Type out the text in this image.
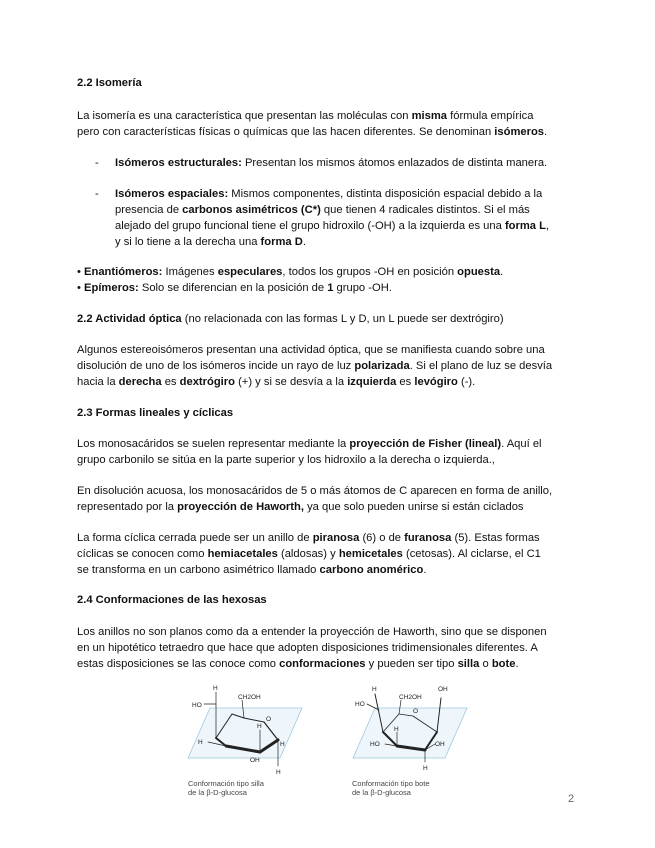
2.2 Isomería
La isomería es una característica que presentan las moléculas con misma fórmula empírica
pero con características físicas o químicas que las hacen diferentes. Se denominan isómeros.
- Isómeros estructurales: Presentan los mismos átomos enlazados de distinta manera.
- Isómeros espaciales: Mismos componentes, distinta disposición espacial debido a la
presencia de carbonos asimétricos (C*) que tienen 4 radicales distintos. Si el más
alejado del grupo funcional tiene el grupo hidroxilo (-OH) a la izquierda es una forma L,
y si lo tiene a la derecha una forma D.
• Enantiómeros: Imágenes especulares, todos los grupos -OH en posición opuesta.
• Epímeros: Solo se diferencian en la posición de 1 grupo -OH.
2.2 Actividad óptica (no relacionada con las formas L y D, un L puede ser dextrógiro)
Algunos estereoisómeros presentan una actividad óptica, que se manifiesta cuando sobre una
disolución de uno de los isómeros incide un rayo de luz polarizada. Si el plano de luz se desvía
hacia la derecha es dextrógiro (+) y si se desvía a la izquierda es levógiro (-).
2.3 Formas lineales y cíclicas
Los monosacáridos se suelen representar mediante la proyección de Fisher (lineal). Aquí el
grupo carbonilo se sitúa en la parte superior y los hidroxilo a la derecha o izquierda.,
En disolución acuosa, los monosacáridos de 5 o más átomos de C aparecen en forma de anillo,
representado por la proyección de Haworth, ya que solo pueden unirse si están ciclados
La forma cíclica cerrada puede ser un anillo de piranosa (6) o de furanosa (5). Estas formas
cíclicas se conocen como hemiacetales (aldosas) y hemicetales (cetosas). Al ciclarse, el C1
se transforma en un carbono asimétrico llamado carbono anomérico.
2.4 Conformaciones de las hexosas
Los anillos no son planos como da a entender la proyección de Haworth, sino que se disponen
en un hipotético tetraedro que hace que adopten disposiciones tridimensionales diferentes. A
estas disposiciones se las conoce como conformaciones y pueden ser tipo silla o bote.
H
HO
CH2OH
O
H
H
H
OH
H
Conformación tipo silla
de la β-D-glucosa
H	OH
HO
CH2OH
O
H
HO
H
OH
Conformación tipo bote
de la β-D-glucosa
2
